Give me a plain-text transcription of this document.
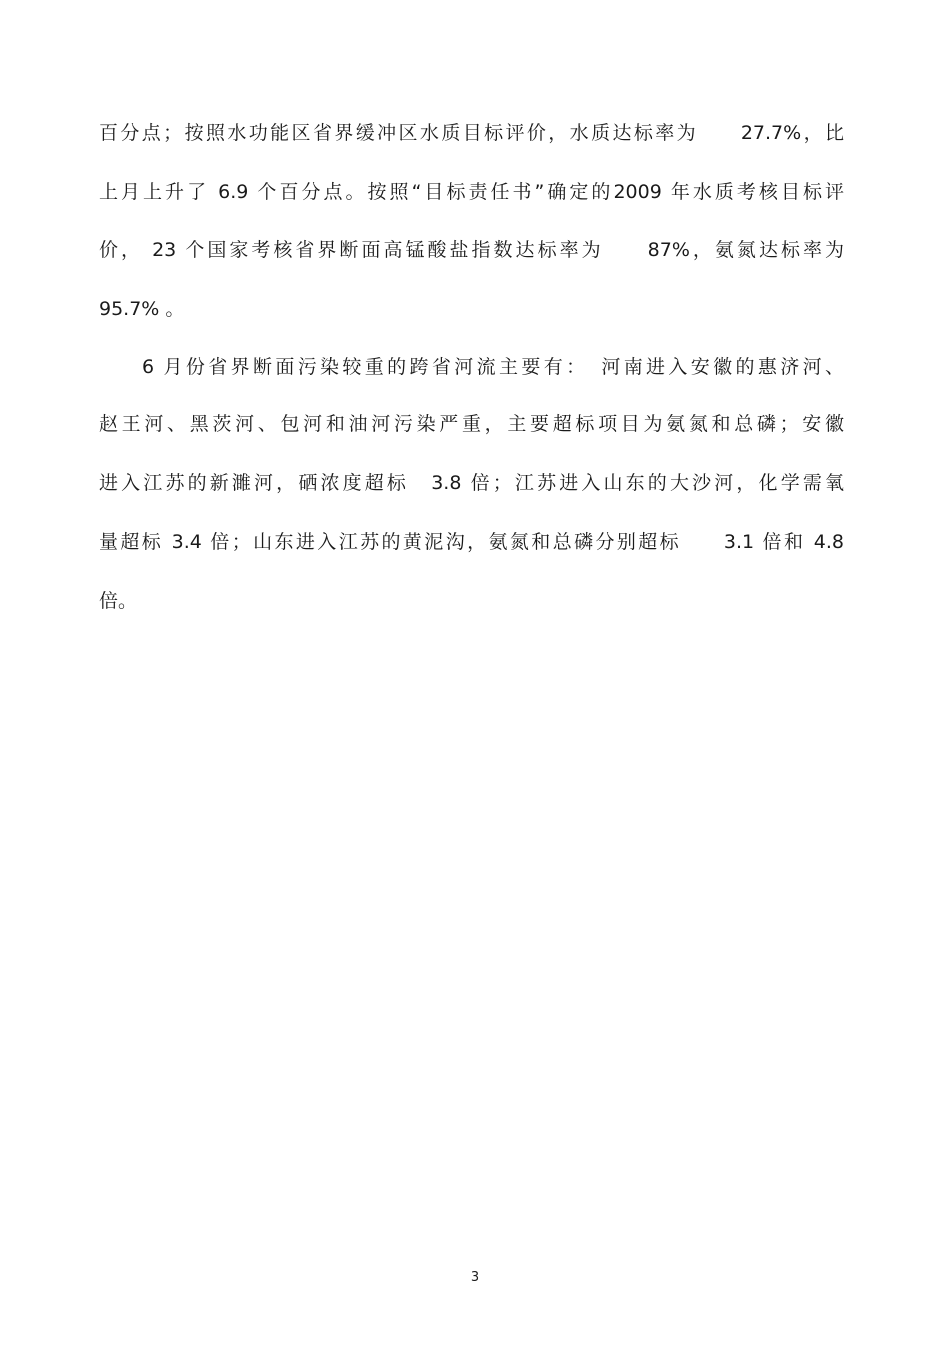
百分点；按照水功能区省界缓冲区水质目标评价，水质达标率为　　27.7%，比
上月上升了 6.9 个百分点。按照“目标责任书”确定的2009 年水质考核目标评
价， 23 个国家考核省界断面高锰酸盐指数达标率为　　87%，氨氮达标率为
95.7% 。
6 月份省界断面污染较重的跨省河流主要有：　河南进入安徽的惠济河、
赵王河、黑茨河、包河和油河污染严重，主要超标项目为氨氮和总磷；安徽
进入江苏的新濉河，硒浓度超标　3.8 倍；江苏进入山东的大沙河，化学需氧
量超标 3.4 倍；山东进入江苏的黄泥沟，氨氮和总磷分别超标　　3.1 倍和 4.8
倍。
3
